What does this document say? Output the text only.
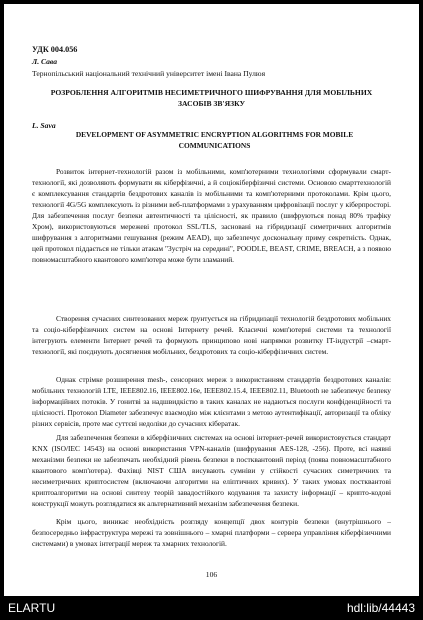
УДК 004.056
Л. Сава
Тернопільський національний технічний університет імені Івана Пулюя
РОЗРОБЛЕННЯ АЛГОРИТМІВ НЕСИМЕТРИЧНОГО ШИФРУВАННЯ ДЛЯ МОБІЛЬНИХ ЗАСОБІВ ЗВ'ЯЗКУ
L. Sava
DEVELOPMENT OF ASYMMETRIC ENCRYPTION ALGORITHMS FOR MOBILE COMMUNICATIONS
Розвиток інтернет-технологій разом із мобільними, комп'ютерними технологіями сформували смарт-технології, які дозволяють формувати як кіберфізичні, а й соціокіберфізичні системи. Основою смарттехнологій є комплексування стандартів бездротових каналів із мобільними та комп'ютерними протоколами. Крім цього, технології 4G/5G комплексують із різними веб-платформами з урахуванням цифровізації послуг у кіберпросторі. Для забезпечення послуг безпеки автентичності та цілісності, як правило (шифруються понад 80% трафіку Хром), використовуються мережеві протокол SSL/TLS, засновані на гібридизації симетричних алгоритмів шифрування з алгоритмами гешування (режим AEAD), що забезпечує доскональну приму секретність. Однак, цей протокол піддається не тільки атакам "Зустріч на середині", POODLE, BEAST, CRIME, BREACH, а з появою повномасштабного квантового комп'ютера може бути зламаний.
Створення сучасних синтезованих мереж ґрунтується на гібридизації технологій бездротових мобільних та соціо-кіберфізичних систем на основі Інтернету речей. Класичні комп'ютерні системи та технології інтегрують елементи Інтернет речей та формують принципово нові напрямки розвитку IT-індустрії –смарт-технології, які поєднують досягнення мобільних, бездротових та соціо-кіберфізичних систем.
Однак стрімке розширення mesh-, сенсорних мереж з використанням стандартів бездротових каналів: мобільних технологій LTE, IEEE802.16, IEEE802.16e, IEEE802.15.4, IEEE802.11, Bluetooth не забезпечує безпеку інформаційних потоків. У гонитві за надшвидкістю в таких каналах не надаються послуги конфіденційності та цілісності. Протокол Diameter забезпечує взаємодію між клієнтами з метою аутентифікації, авторизації та обліку різних сервісів, проте має суттєві недоліки до сучасних кібератак.
Для забезпечення безпеки в кіберфізичних системах на основі інтернет-речей використовується стандарт KNX (ISO/IEC 14543) на основі використання VPN-каналів (шифрування AES-128, -256). Проте, всі наявні механізми безпеки не забезпечать необхідний рівень безпеки в постквантовий період (поява повномасштабного квантового комп'ютера). Фахівці NIST США висувають сумніви у стійкості сучасних симетричних та несиметричних криптосистем (включаючи алгоритми на еліптичних кривих). У таких умовах постквантові криптоалгоритми на основі синтезу теорій завадостійкого кодування та захисту інформації – крипто-кодові конструкції можуть розглядатися як альтернативний механізм забезпечення безпеки.
Крім цього, виникає необхідність розгляду концепції двох контурів безпеки (внутрішнього – безпосередньо інфраструктура мережі та зовнішнього – хмарні платформи – сервера управління кіберфізичними системами) в умовах інтеграції мереж та хмарних технологій.
106
ELARTU	hdl:lib/44443
